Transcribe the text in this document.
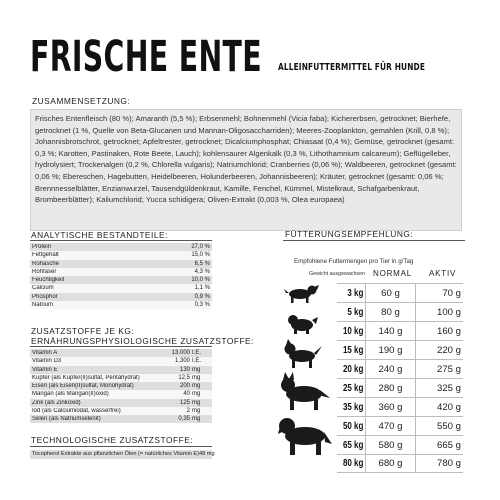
FRISCHE ENTE ALLEINFUTTERMITTEL FÜR HUNDE
ZUSAMMENSETZUNG:
Frisches Entenfleisch (80 %); Amaranth (5,5 %); Erbsenmehl; Bohnenmehl (Vicia faba); Kichererbsen, getrocknet; Bierhefe, getrocknet (1 %, Quelle von Beta-Glucanen und Mannan-Oligosaccharriden); Meeres-Zooplankton, gemahlen (Krill, 0,8 %); Johannisbrotschrot, getrocknet; Apfeltrester, getrocknet; Dicalciumphosphat; Chiasaat (0,4 %); Gemüse, getrocknet (gesamt: 0,3 %; Karotten, Pastinaken, Rote Beete, Lauch); kohlensaurer Algenkalk (0,3 %, Lithothamnium calcareum); Geflügelleber, hydrolysiert; Trockenalgen (0,2 %, Chlorella vulgaris); Natriumchlorid; Cranberries (0,06 %); Waldbeeren, getrocknet (gesamt: 0,06 %; Ebereschen, Hagebutten, Heidelbeeren, Holunderbeeren, Johannisbeeren); Kräuter, getrocknet (gesamt: 0,06 %; Brennnesselblätter, Enzianwurzel, Tausendgüldenkraut, Kamille, Fenchel, Kümmel, Mistelkraut, Schafgarbenkraut, Brombeerblätter); Kaliumchlorid; Yucca schidigera; Oliven-Extrakt (0,003 %, Olea europaea)
ANALYTISCHE BESTANDTEILE:
Protein	27,0 %
Fettgehalt	15,0 %
Rohasche	6,5 %
Rohfaser	4,3 %
Feuchtigkeit	10,0 %
Calcium	1,1 %
Phosphor	0,9 %
Natrium	0,3 %
ZUSATZSTOFFE JE KG:
ERNÄHRUNGSPHYSIOLOGISCHE ZUSATZSTOFFE:
Vitamin A	13.000 I.E.
Vitamin D3	1.300 I.E.
Vitamin E	130 mg
Kupfer (als Kupfer(II)sulfat, Pentahydrat)	12,5 mg
Eisen (als Eisen(II)sulfat, Monohydrat)	200 mg
Mangan (als Mangan(II)oxid)	40 mg
Zink (als Zinkoxid)	125 mg
Iod (als Calciumiodat, wasserfrei)	2 mg
Selen (als Natriumselenit)	0,35 mg
TECHNOLOGISCHE ZUSATZSTOFFE:
Tocopherol Extrakte aus pflanzlichen Ölen (= natürliches Vitamin E) 48 mg
FÜTTERUNGSEMPFEHLUNG:
Empfohlene Futtermengen pro Tier in g/Tag
Gewicht ausgewachsen NORMAL AKTIV
3 kg	60 g	70 g
5 kg	80 g	100 g
10 kg	140 g	160 g
15 kg	190 g	220 g
20 kg	240 g	275 g
25 kg	280 g	325 g
35 kg	360 g	420 g
50 kg	470 g	550 g
65 kg	580 g	665 g
80 kg	680 g	780 g
